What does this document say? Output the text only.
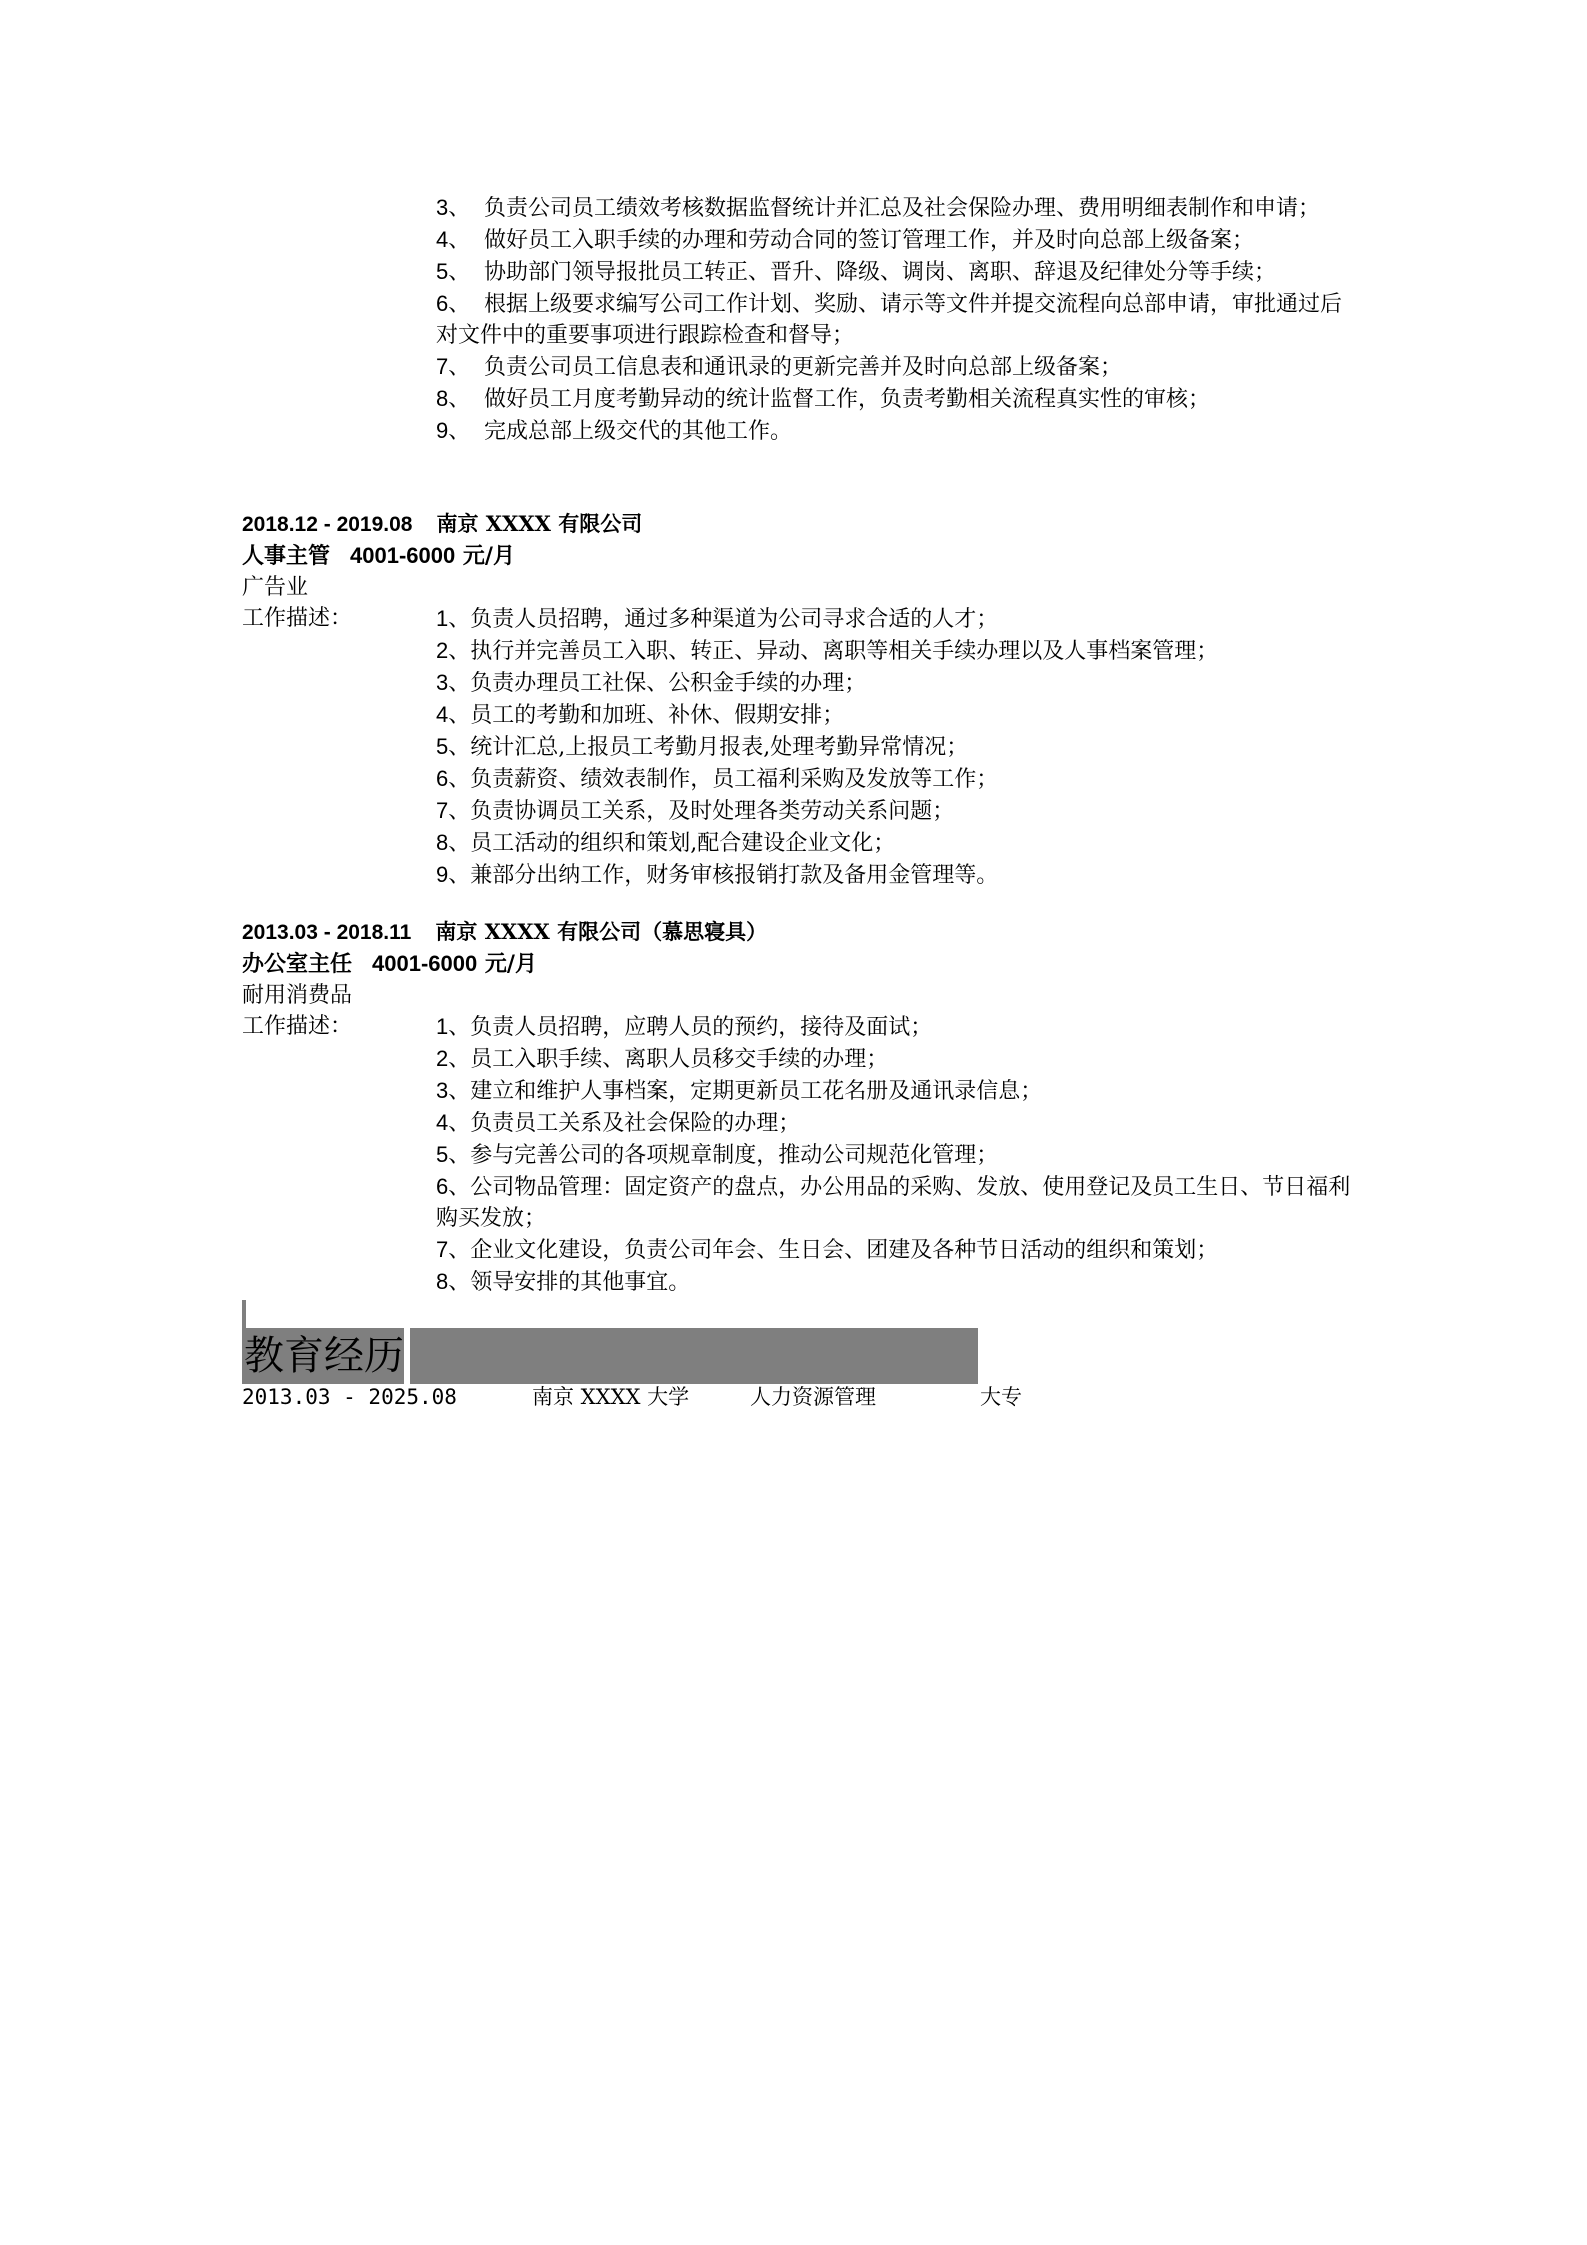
3、 负责公司员工绩效考核数据监督统计并汇总及社会保险办理、费用明细表制作和申请；

4、 做好员工入职手续的办理和劳动合同的签订管理工作，并及时向总部上级备案；

5、 协助部门领导报批员工转正、晋升、降级、调岗、离职、辞退及纪律处分等手续；

6、 根据上级要求编写公司工作计划、奖励、请示等文件并提交流程向总部申请，审批通过后对文件中的重要事项进行跟踪检查和督导；

7、 负责公司员工信息表和通讯录的更新完善并及时向总部上级备案；

8、 做好员工月度考勤异动的统计监督工作，负责考勤相关流程真实性的审核；

9、 完成总部上级交代的其他工作。

2018.12 - 2019.08 南京 XXXX 有限公司

人事主管 4001-6000 元/月

广告业

工作描述：	1、负责人员招聘，通过多种渠道为公司寻求合适的人才；

2、执行并完善员工入职、转正、异动、离职等相关手续办理以及人事档案管理；

3、负责办理员工社保、公积金手续的办理；

4、员工的考勤和加班、补休、假期安排；

5、统计汇总,上报员工考勤月报表,处理考勤异常情况；

6、负责薪资、绩效表制作，员工福利采购及发放等工作；

7、负责协调员工关系，及时处理各类劳动关系问题；

8、员工活动的组织和策划,配合建设企业文化；

9、兼部分出纳工作，财务审核报销打款及备用金管理等。

2013.03 - 2018.11 南京 XXXX 有限公司（慕思寝具）

办公室主任 4001-6000 元/月

耐用消费品

工作描述：	1、负责人员招聘，应聘人员的预约，接待及面试；

2、员工入职手续、离职人员移交手续的办理；

3、建立和维护人事档案，定期更新员工花名册及通讯录信息；

4、负责员工关系及社会保险的办理；

5、参与完善公司的各项规章制度，推动公司规范化管理；

6、公司物品管理：固定资产的盘点，办公用品的采购、发放、使用登记及员工生日、节日福利购买发放；

7、企业文化建设，负责公司年会、生日会、团建及各种节日活动的组织和策划；

8、领导安排的其他事宜。

教育经历
2013.03 - 2025.08	南京 XXXX 大学	人力资源管理	大专
